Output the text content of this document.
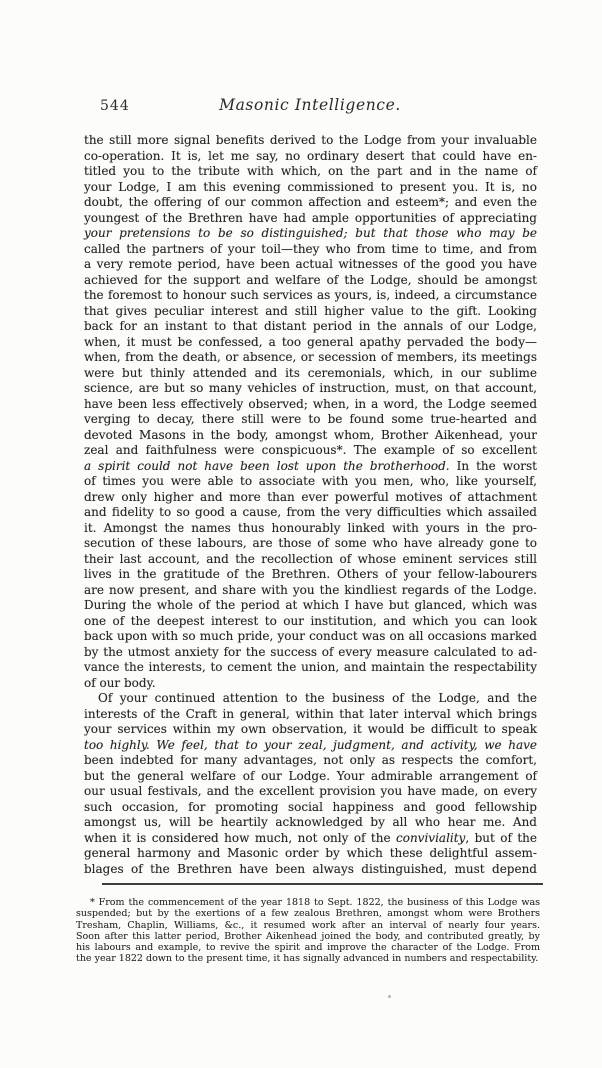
544	Masonic Intelligence.
the still more signal benefits derived to the Lodge from your invaluable
co-operation. It is, let me say, no ordinary desert that could have en-
titled you to the tribute with which, on the part and in the name of
your Lodge, I am this evening commissioned to present you. It is, no
doubt, the offering of our common affection and esteem*; and even the
youngest of the Brethren have had ample opportunities of appreciating
your pretensions to be so distinguished; but that those who may be
called the partners of your toil—they who from time to time, and from
a very remote period, have been actual witnesses of the good you have
achieved for the support and welfare of the Lodge, should be amongst
the foremost to honour such services as yours, is, indeed, a circumstance
that gives peculiar interest and still higher value to the gift. Looking
back for an instant to that distant period in the annals of our Lodge,
when, it must be confessed, a too general apathy pervaded the body—
when, from the death, or absence, or secession of members, its meetings
were but thinly attended and its ceremonials, which, in our sublime
science, are but so many vehicles of instruction, must, on that account,
have been less effectively observed; when, in a word, the Lodge seemed
verging to decay, there still were to be found some true-hearted and
devoted Masons in the body, amongst whom, Brother Aikenhead, your
zeal and faithfulness were conspicuous*. The example of so excellent
a spirit could not have been lost upon the brotherhood. In the worst
of times you were able to associate with you men, who, like yourself,
drew only higher and more than ever powerful motives of attachment
and fidelity to so good a cause, from the very difficulties which assailed
it. Amongst the names thus honourably linked with yours in the pro-
secution of these labours, are those of some who have already gone to
their last account, and the recollection of whose eminent services still
lives in the gratitude of the Brethren. Others of your fellow-labourers
are now present, and share with you the kindliest regards of the Lodge.
During the whole of the period at which I have but glanced, which was
one of the deepest interest to our institution, and which you can look
back upon with so much pride, your conduct was on all occasions marked
by the utmost anxiety for the success of every measure calculated to ad-
vance the interests, to cement the union, and maintain the respectability
of our body.
Of your continued attention to the business of the Lodge, and the
interests of the Craft in general, within that later interval which brings
your services within my own observation, it would be difficult to speak
too highly. We feel, that to your zeal, judgment, and activity, we have
been indebted for many advantages, not only as respects the comfort,
but the general welfare of our Lodge. Your admirable arrangement of
our usual festivals, and the excellent provision you have made, on every
such occasion, for promoting social happiness and good fellowship
amongst us, will be heartily acknowledged by all who hear me. And
when it is considered how much, not only of the conviviality, but of the
general harmony and Masonic order by which these delightful assem-
blages of the Brethren have been always distinguished, must depend
* From the commencement of the year 1818 to Sept. 1822, the business of this Lodge was
suspended; but by the exertions of a few zealous Brethren, amongst whom were Brothers
Tresham, Chaplin, Williams, &c., it resumed work after an interval of nearly four years.
Soon after this latter period, Brother Aikenhead joined the body, and contributed greatly, by
his labours and example, to revive the spirit and improve the character of the Lodge. From
the year 1822 down to the present time, it has signally advanced in numbers and respectability.
